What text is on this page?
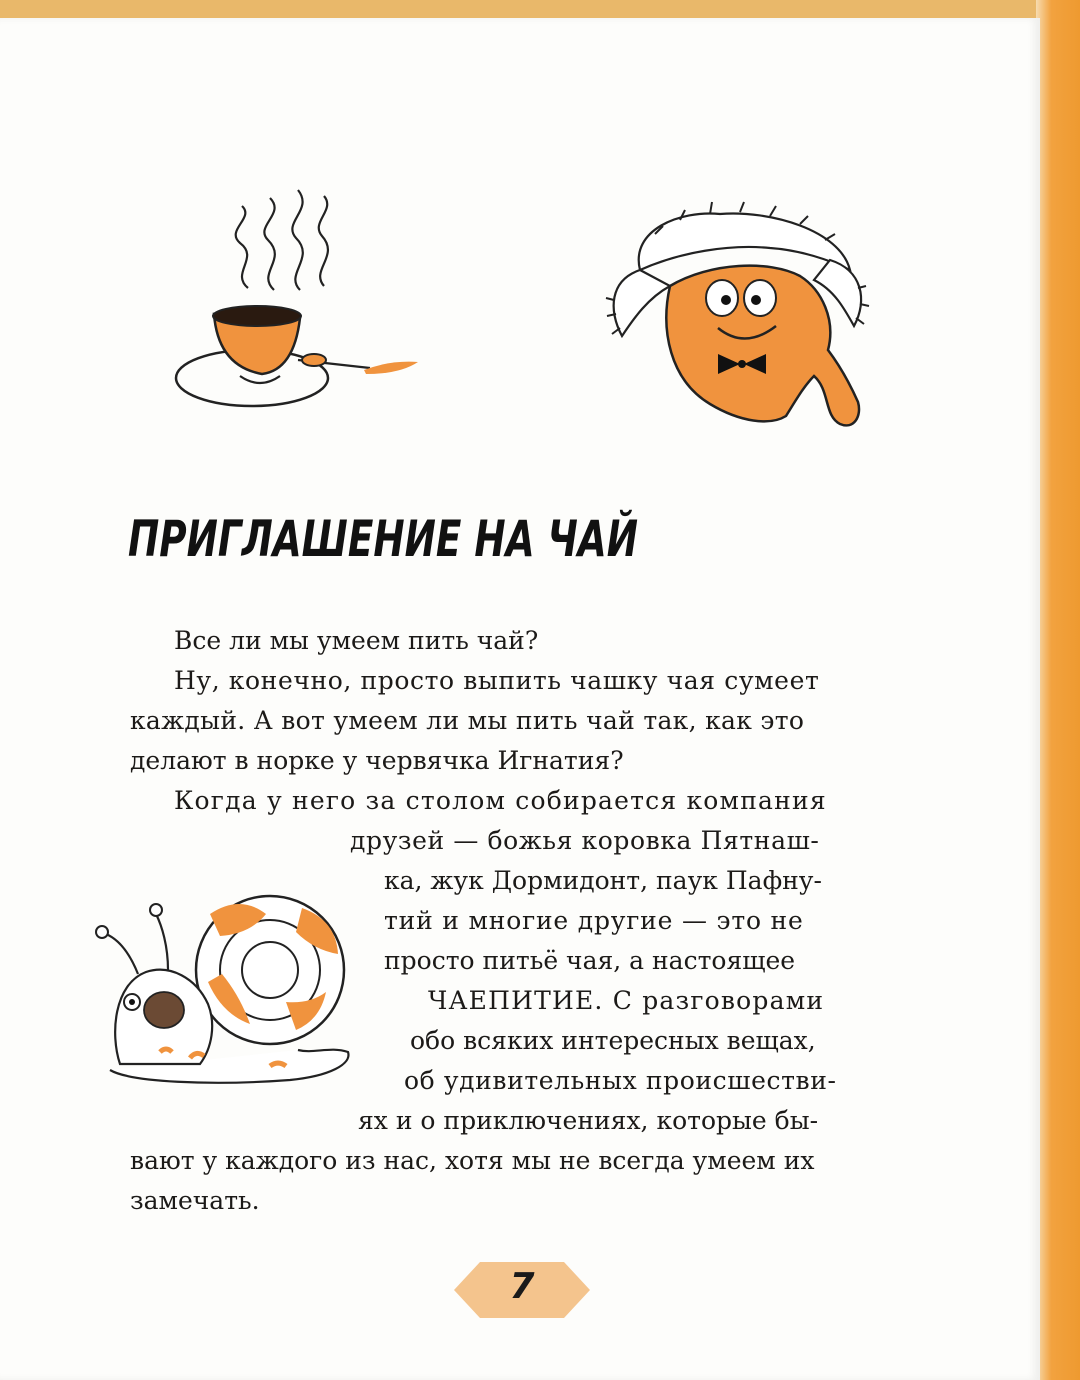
ПРИГЛАШЕНИЕ НА ЧАЙ
Все ли мы умеем пить чай?
Ну, конечно, просто выпить чашку чая сумеет
каждый. А вот умеем ли мы пить чай так, как это
делают в норке у червячка Игнатия?
Когда у него за столом собирается компания
друзей — божья коровка Пятнаш-
ка, жук Дормидонт, паук Пафну-
тий и многие другие — это не
просто питьё чая, а настоящее
ЧАЕПИТИЕ. С разговорами
обо всяких интересных вещах,
об удивительных происшестви-
ях и о приключениях, которые бы-
вают у каждого из нас, хотя мы не всегда умеем их
замечать.
7
